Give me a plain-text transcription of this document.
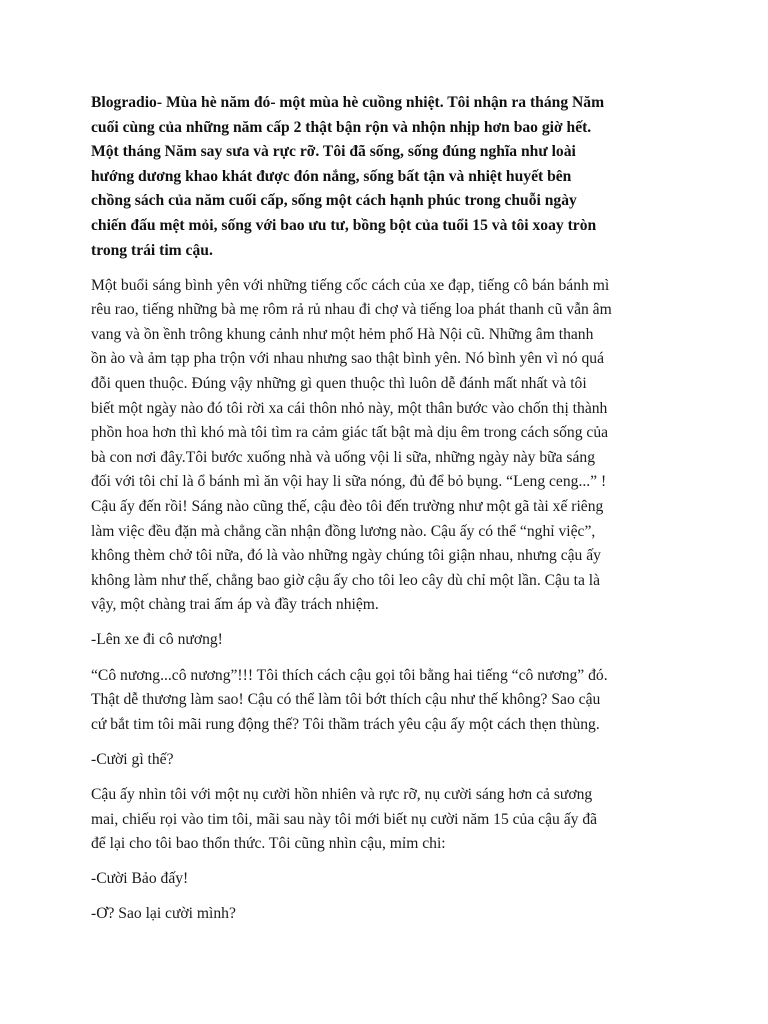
Blogradio- Mùa hè năm đó- một mùa hè cuồng nhiệt. Tôi nhận ra tháng Năm
cuối cùng của những năm cấp 2 thật bận rộn và nhộn nhịp hơn bao giờ hết.
Một tháng Năm say sưa và rực rỡ. Tôi đã sống, sống đúng nghĩa như loài
hướng dương khao khát được đón nắng, sống bất tận và nhiệt huyết bên
chồng sách của năm cuối cấp, sống một cách hạnh phúc trong chuỗi ngày
chiến đấu mệt mỏi, sống với bao ưu tư, bồng bột của tuổi 15 và tôi xoay tròn
trong trái tim cậu.

Một buổi sáng bình yên với những tiếng cốc cách của xe đạp, tiếng cô bán bánh mì
rêu rao, tiếng những bà mẹ rôm rả rủ nhau đi chợ và tiếng loa phát thanh cũ vẫn âm
vang và ồn ềnh trông khung cảnh như một hẻm phố Hà Nội cũ. Những âm thanh
ồn ào và ảm tạp pha trộn với nhau nhưng sao thật bình yên. Nó bình yên vì nó quá
đỗi quen thuộc. Đúng vậy những gì quen thuộc thì luôn dễ đánh mất nhất và tôi
biết một ngày nào đó tôi rời xa cái thôn nhỏ này, một thân bước vào chốn thị thành
phồn hoa hơn thì khó mà tôi tìm ra cảm giác tất bật mà dịu êm trong cách sống của
bà con nơi đây.Tôi bước xuống nhà và uống vội li sữa, những ngày này bữa sáng
đối với tôi chỉ là ổ bánh mì ăn vội hay li sữa nóng, đủ để bỏ bụng. “Leng ceng...” !
Cậu ấy đến rồi! Sáng nào cũng thế, cậu đèo tôi đến trường như một gã tài xế riêng
làm việc đều đặn mà chẳng cần nhận đồng lương nào. Cậu ấy có thể “nghỉ việc”,
không thèm chở tôi nữa, đó là vào những ngày chúng tôi giận nhau, nhưng cậu ấy
không làm như thế, chẳng bao giờ cậu ấy cho tôi leo cây dù chỉ một lần. Cậu ta là
vậy, một chàng trai ấm áp và đầy trách nhiệm.

-Lên xe đi cô nương!

“Cô nương...cô nương”!!! Tôi thích cách cậu gọi tôi bằng hai tiếng “cô nương” đó.
Thật dễ thương làm sao! Cậu có thể làm tôi bớt thích cậu như thế không? Sao cậu
cứ bắt tim tôi mãi rung động thế? Tôi thầm trách yêu cậu ấy một cách thẹn thùng.

-Cười gì thế?

Cậu ấy nhìn tôi với một nụ cười hồn nhiên và rực rỡ, nụ cười sáng hơn cả sương
mai, chiếu rọi vào tim tôi, mãi sau này tôi mới biết nụ cười năm 15 của cậu ấy đã
để lại cho tôi bao thổn thức. Tôi cũng nhìn cậu, mỉm chi:

-Cười Bảo đấy!

-Ơ? Sao lại cười mình?
